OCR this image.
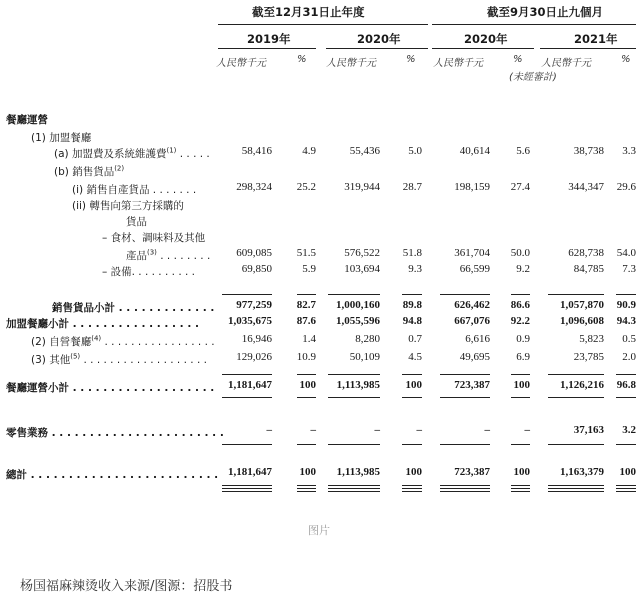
截至12月31日止年度	截至9月30日止九個月
2019年	2020年	2020年	2021年
人民幣千元	% 人民幣千元	% 人民幣千元	% 人民幣千元	%
(未經審計)
餐廳運營
(1) 加盟餐廳
(a) 加盟費及系統維護費$^{(1)}$ . . . . .	58,416	4.9	55,436	5.0	40,614 5.6	38,738 3.3
(b) 銷售貨品$^{(2)}$
(i) 銷售自產貨品 . . . . . . .	298,324 25.2	319,944 28.7	198,159 27.4	344,347 29.6
(ii) 轉售向第三方採購的
貨品
– 食材、調味料及其他
產品$^{(3)}$ . . . . . . . . 609,085 51.5	576,522 51.8	361,704 50.0	628,738 54.0
– 設備. . . . . . . . . .	69,850	5.9	103,694	9.3	66,599 9.2	84,785 7.3
銷售貨品小計 . . . . . . . . . . . . . 977,259 82.7 1,000,160 89.8	626,462 86.6	1,057,870 90.9
加盟餐廳小計 . . . . . . . . . . . . . . . . .	1,035,675 87.6 1,055,596 94.8	667,076 92.2	1,096,608 94.3
(2) 自營餐廳$^{(4)}$ . . . . . . . . . . . . . . . . . 16,946	1.4	8,280	0.7	6,616 0.9	5,823 0.5
(3) 其他$^{(5)}$ . . . . . . . . . . . . . . . . . . .	129,026 10.9	50,109	4.5	49,695 6.9	23,785 2.0
餐廳運營小計 . . . . . . . . . . . . . . . . . . . 1,181,647	100 1,113,985 100	723,387 100	1,126,216 96.8
零售業務 . . . . . . . . . . . . . . . . . . . . . . .	–	–	–	–	–	–	37,163 3.2
總計 . . . . . . . . . . . . . . . . . . . . . . . . . 1,181,647	100 1,113,985 100	723,387 100	1,163,379 100
图片
杨国福麻辣烫收入来源/图源：招股书
